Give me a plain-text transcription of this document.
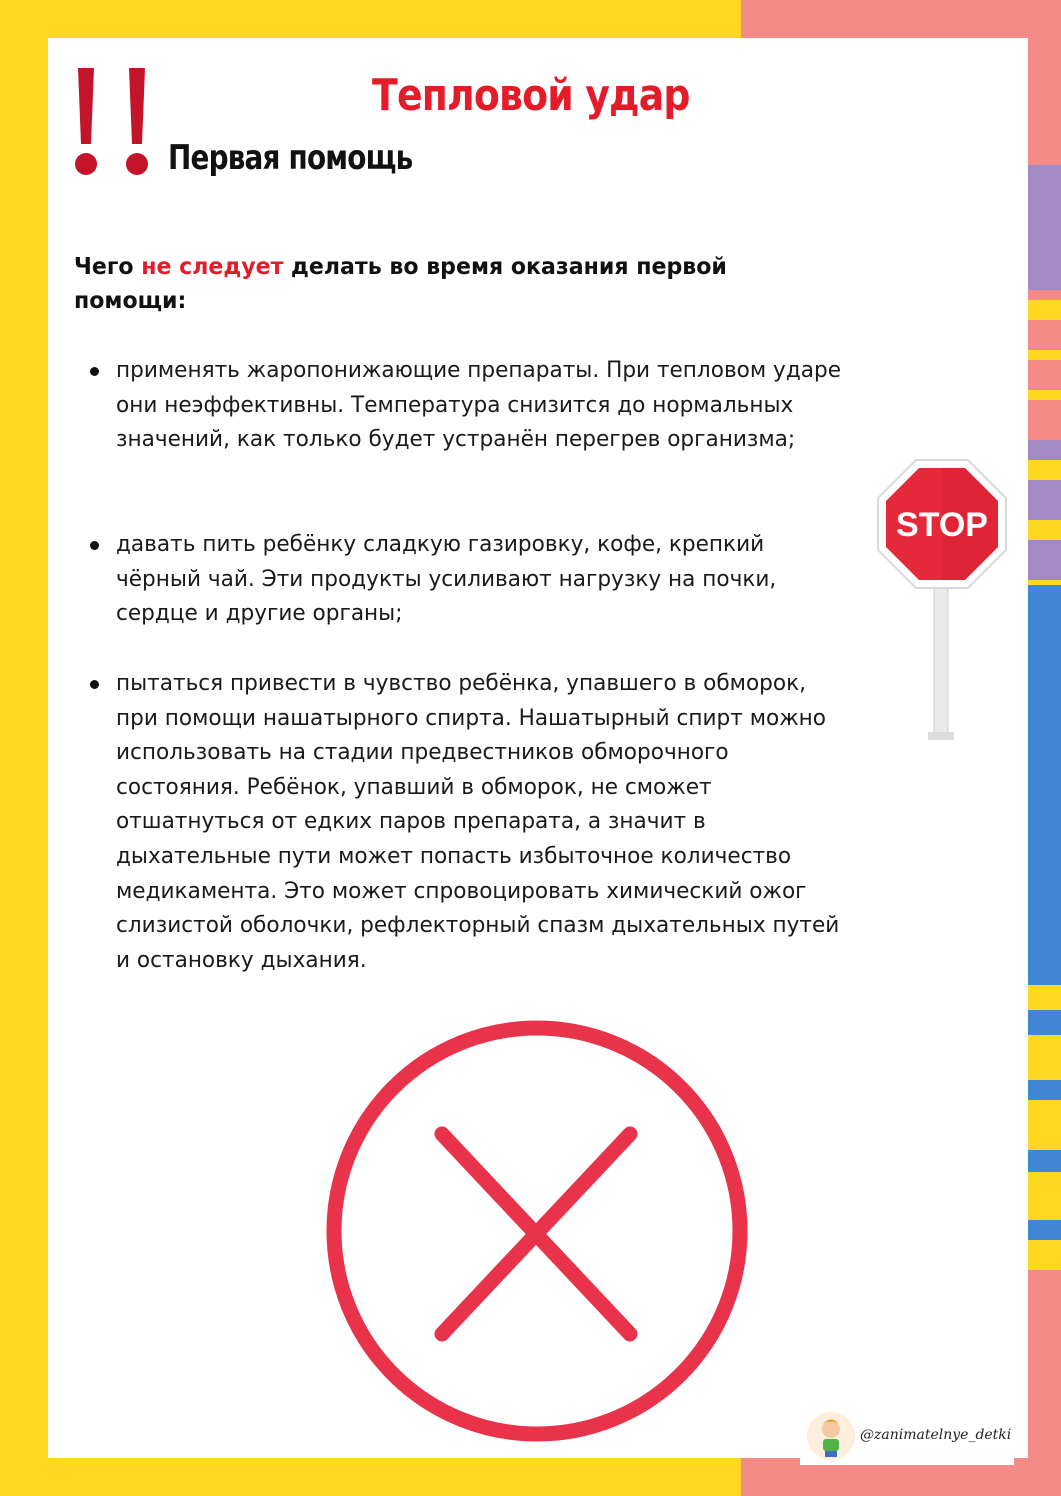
Тепловой удар
Первая помощь

Чего не следует делать во время оказания первой помощи:

применять жаропонижающие препараты. При тепловом ударе они неэффективны. Температура снизится до нормальных значений, как только будет устранён перегрев организма;
давать пить ребёнку сладкую газировку, кофе, крепкий чёрный чай. Эти продукты усиливают нагрузку на почки, сердце и другие органы;
пытаться привести в чувство ребёнка, упавшего в обморок, при помощи нашатырного спирта. Нашатырный спирт можно использовать на стадии предвестников обморочного состояния. Ребёнок, упавший в обморок, не сможет отшатнуться от едких паров препарата, а значит в дыхательные пути может попасть избыточное количество медикамента. Это может спровоцировать химический ожог слизистой оболочки, рефлекторный спазм дыхательных путей и остановку дыхания.
STOP
@zanimatelnye_detki
